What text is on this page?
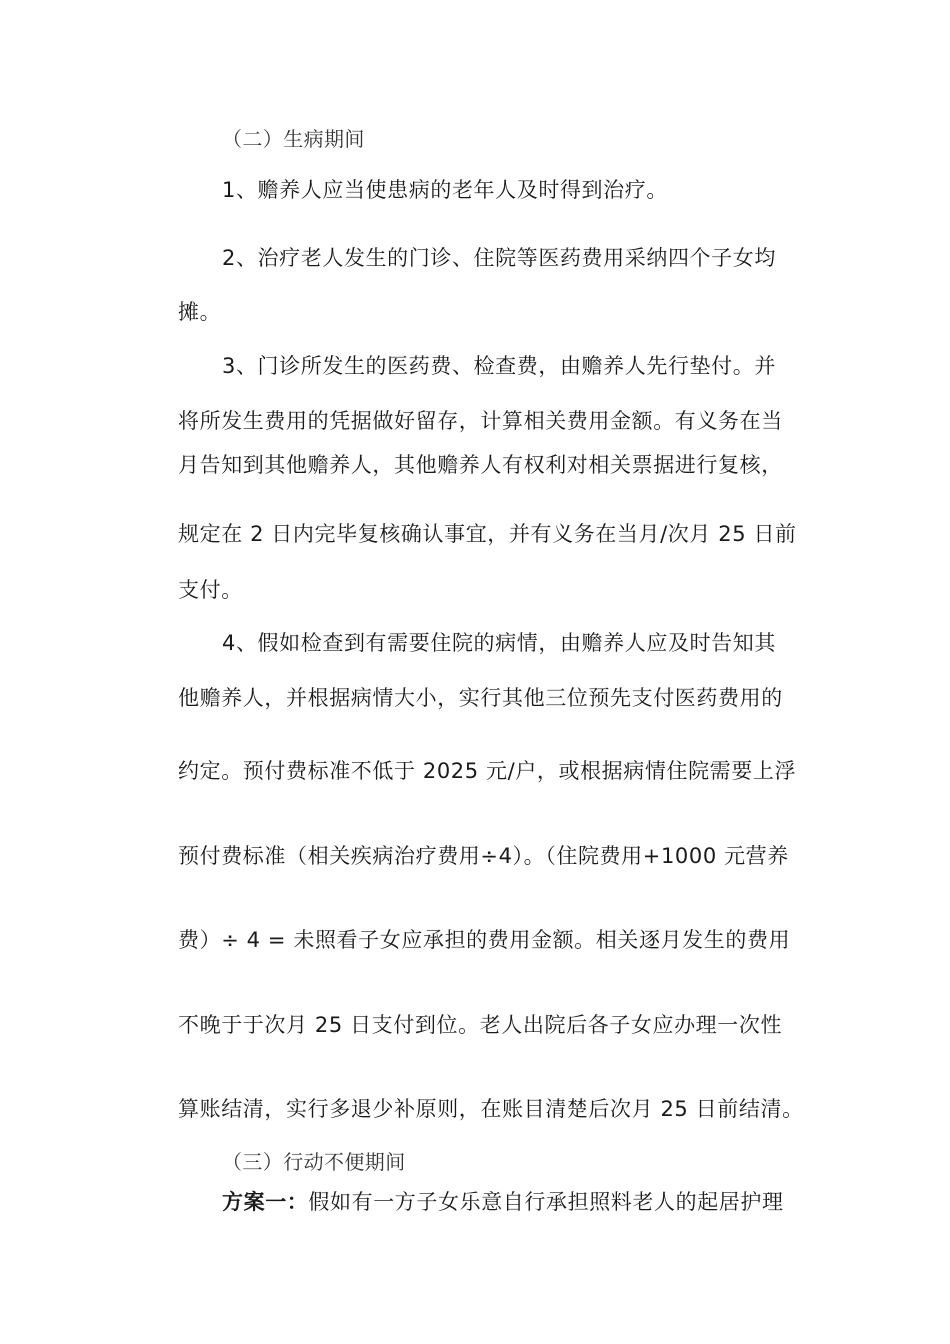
（二）生病期间
1、赡养人应当使患病的老年人及时得到治疗。
2、治疗老人发生的门诊、住院等医药费用采纳四个子女均
摊。
3、门诊所发生的医药费、检查费，由赡养人先行垫付。并
将所发生费用的凭据做好留存，计算相关费用金额。有义务在当
月告知到其他赡养人，其他赡养人有权利对相关票据进行复核，
规定在 2 日内完毕复核确认事宜，并有义务在当月/次月 25 日前
支付。
4、假如检查到有需要住院的病情，由赡养人应及时告知其
他赡养人，并根据病情大小，实行其他三位预先支付医药费用的
约定。预付费标准不低于 2025 元/户，或根据病情住院需要上浮
预付费标准（相关疾病治疗费用÷4）。（住院费用+1000 元营养
费）÷ 4 = 未照看子女应承担的费用金额。相关逐月发生的费用
不晚于于次月 25 日支付到位。老人出院后各子女应办理一次性
算账结清，实行多退少补原则，在账目清楚后次月 25 日前结清。
（三）行动不便期间
方案一：假如有一方子女乐意自行承担照料老人的起居护理
